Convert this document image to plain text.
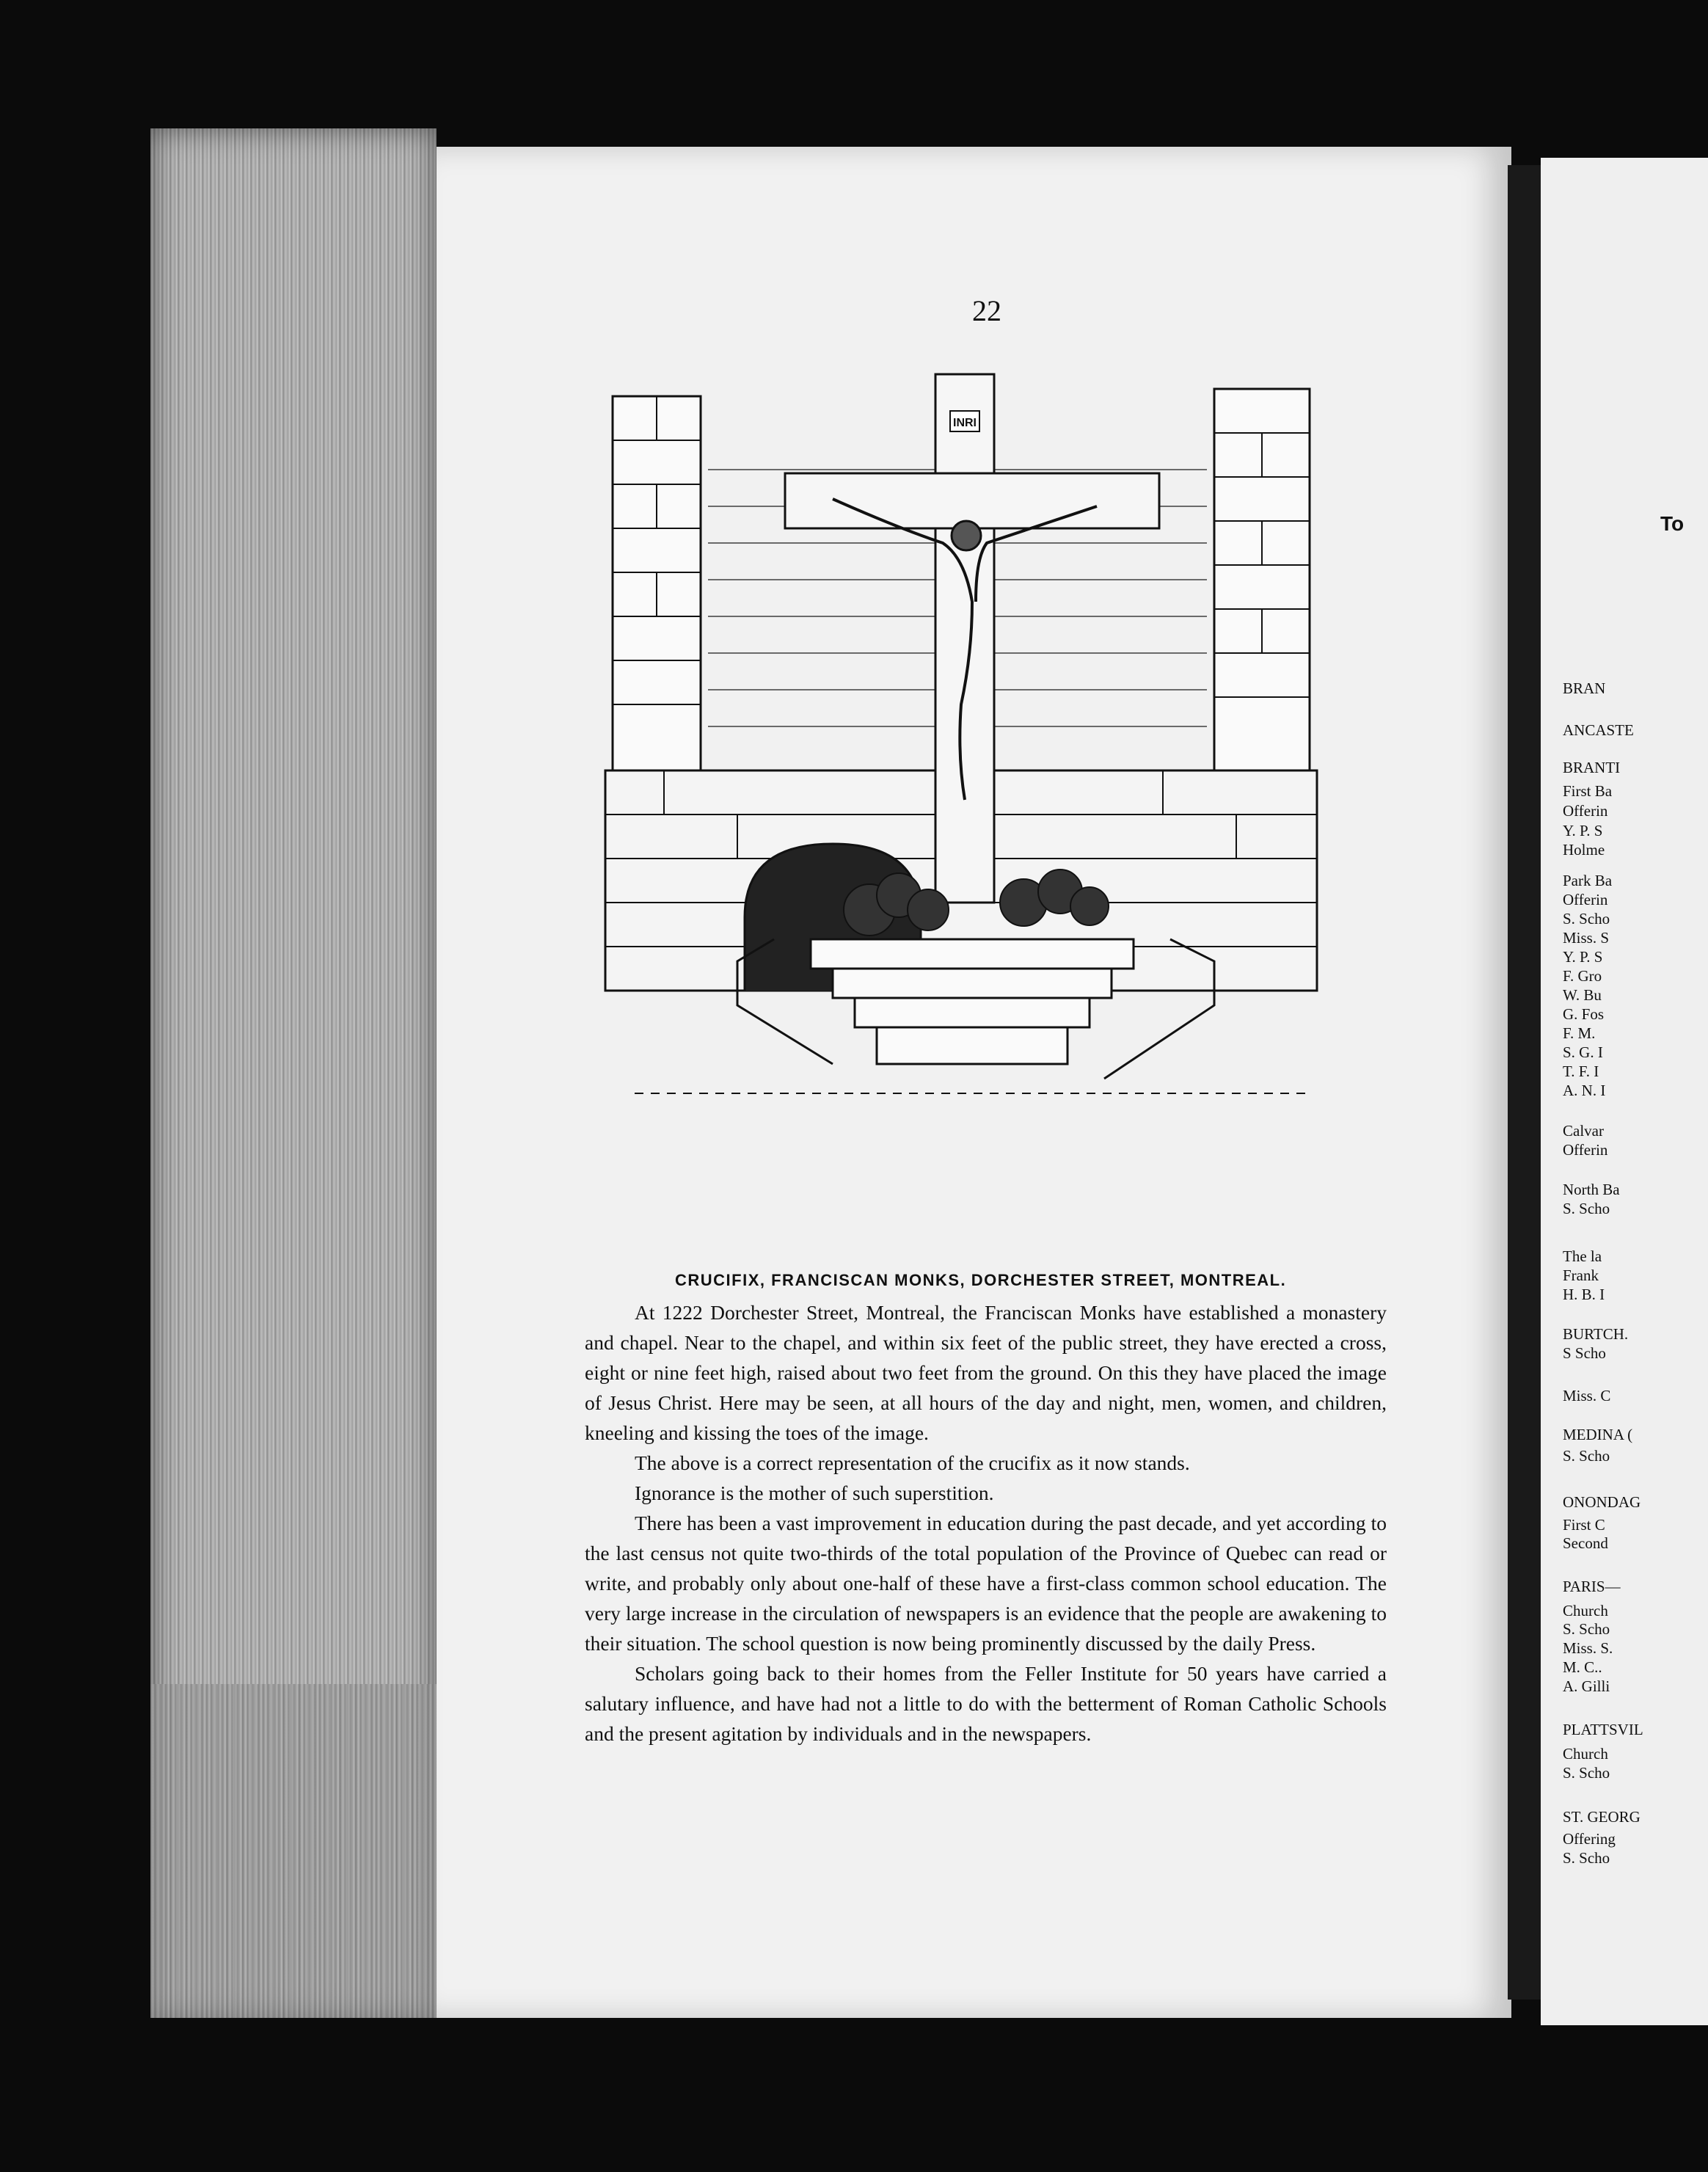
22
INRI
CRUCIFIX, FRANCISCAN MONKS, DORCHESTER STREET, MONTREAL.

At 1222 Dorchester Street, Montreal, the Franciscan Monks have established a monastery and chapel. Near to the chapel, and within six feet of the public street, they have erected a cross, eight or nine feet high, raised about two feet from the ground. On this they have placed the image of Jesus Christ. Here may be seen, at all hours of the day and night, men, women, and children, kneeling and kissing the toes of the image.

The above is a correct representation of the crucifix as it now stands.

Ignorance is the mother of such superstition.

There has been a vast improvement in education during the past decade, and yet according to the last census not quite two-thirds of the total population of the Province of Quebec can read or write, and probably only about one-half of these have a first-class common school education. The very large increase in the circulation of newspapers is an evidence that the people are awakening to their situation. The school question is now being prominently discussed by the daily Press.

Scholars going back to their homes from the Feller Institute for 50 years have carried a salutary influence, and have had not a little to do with the betterment of Roman Catholic Schools and the present agitation by individuals and in the newspapers.

To
BRAN
ANCASTE
BRANTI
First Ba
Offerin
Y. P. S
Holme
Park Ba
Offerin
S. Scho
Miss. S
Y. P. S
F. Gro
W. Bu
G. Fos
F. M.
S. G. I
T. F. I
A. N. I
Calvar
Offerin
North Ba
S. Scho
The la
Frank
H. B. I
BURTCH.
S Scho
Miss. C
MEDINA (
S. Scho
ONONDAG
First C
Second
PARIS—
Church
S. Scho
Miss. S.
M. C..
A. Gilli
PLATTSVIL
Church
S. Scho
ST. GEORG
Offering
S. Scho
